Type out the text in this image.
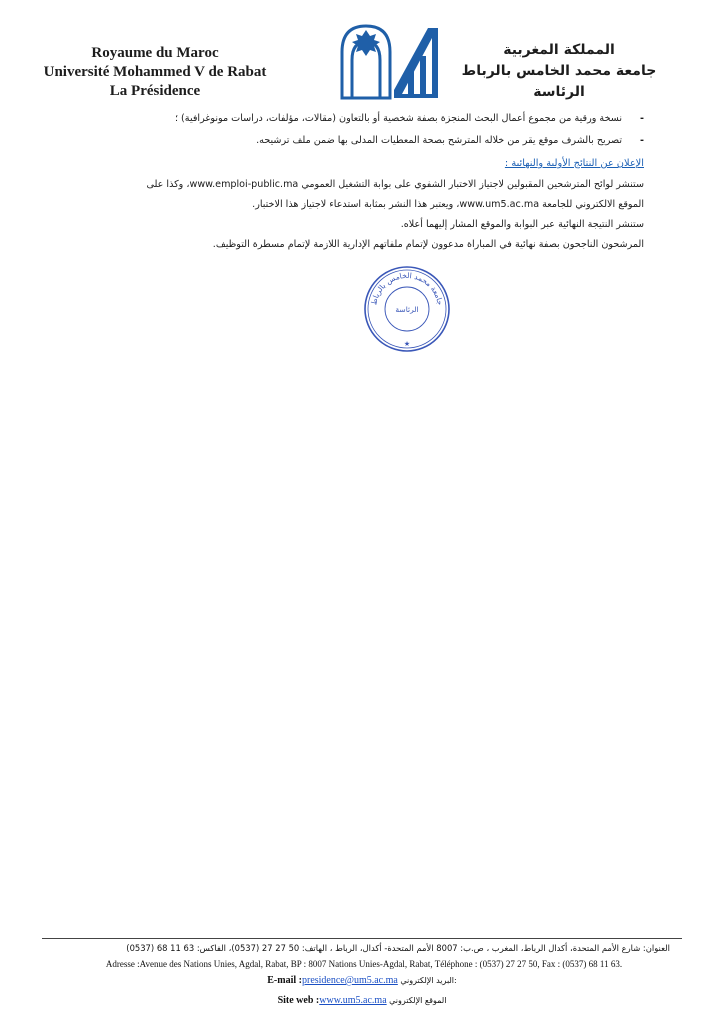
Royaume du Maroc
Université Mohammed V de Rabat
La Présidence
المملكة المغربية
جامعة محمد الخامس بالرباط
الرئاسة
-نسخة ورقية من مجموع أعمال البحث المنجزة بصفة شخصية أو بالتعاون (مقالات، مؤلفات، دراسات مونوغرافية) ؛
-تصريح بالشرف موقع يقر من خلاله المترشح بصحة المعطيات المدلى بها ضمن ملف ترشيحه.
الإعلان عن النتائج الأولية والنهائية :
ستنشر لوائح المترشحين المقبولين لاجتياز الاختبار الشفوي على بوابة التشغيل العمومي www.emploi-public.ma، وكذا على
الموقع الالكتروني للجامعة www.um5.ac.ma، ويعتبر هذا النشر بمثابة استدعاء لاجتياز هذا الاختبار.
ستنشر النتيجة النهائية عبر البوابة والموقع المشار إليهما أعلاه.
المرشحون الناجحون بصفة نهائية في المباراة مدعوون لإتمام ملفاتهم الإدارية اللازمة لإتمام مسطرة التوظيف.
جامعة محمد الخامس بالرباط
الرئاسة
★
العنوان: شارع الأمم المتحدة، أكدال الرباط، المغرب ، ص.ب: 8007 الأمم المتحدة- أكدال، الرباط ، الهاتف: 50 27 27 (0537)، الفاكس: 63 11 68 (0537)
Adresse :Avenue des Nations Unies, Agdal, Rabat, BP : 8007 Nations Unies-Agdal, Rabat, Téléphone : (0537) 27 27 50, Fax : (0537) 68 11 63.
E-mail :presidence@um5.ac.ma البريد الإلكتروني:
Site web :www.um5.ac.ma الموقع الإلكتروني
